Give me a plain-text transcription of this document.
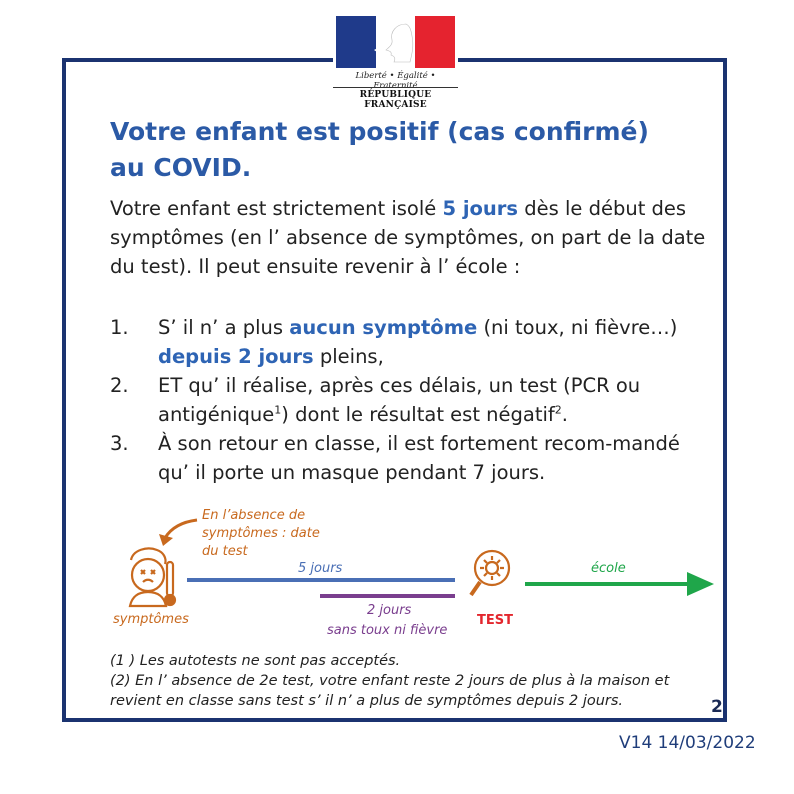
Liberté • Égalité • Fraternité
RÉPUBLIQUE FRANÇAISE
Votre enfant est positif (cas confirmé)
au COVID.
Votre enfant est strictement isolé 5 jours dès le début des symptômes (en l’ absence de symptômes, on part de la date du test). Il peut ensuite revenir à l’ école :
1. S’ il n’ a plus aucun symptôme (ni toux, ni fièvre…) depuis 2 jours pleins,
2. ET qu’ il réalise, après ces délais, un test (PCR ou antigénique$^1$) dont le résultat est négatif$^2$.
3. À son retour en classe, il est fortement recom-mandé qu’ il porte un masque pendant 7 jours.
En l’absence de
symptômes : date
du test
symptômes
5 jours
2 jours
sans toux ni fièvre
TEST
école
(1 ) Les autotests ne sont pas acceptés.
(2) En l’ absence de 2e test, votre enfant reste 2 jours de plus à la maison et revient en classe sans test s’ il n’ a plus de symptômes depuis 2 jours.	2
V14 14/03/2022
